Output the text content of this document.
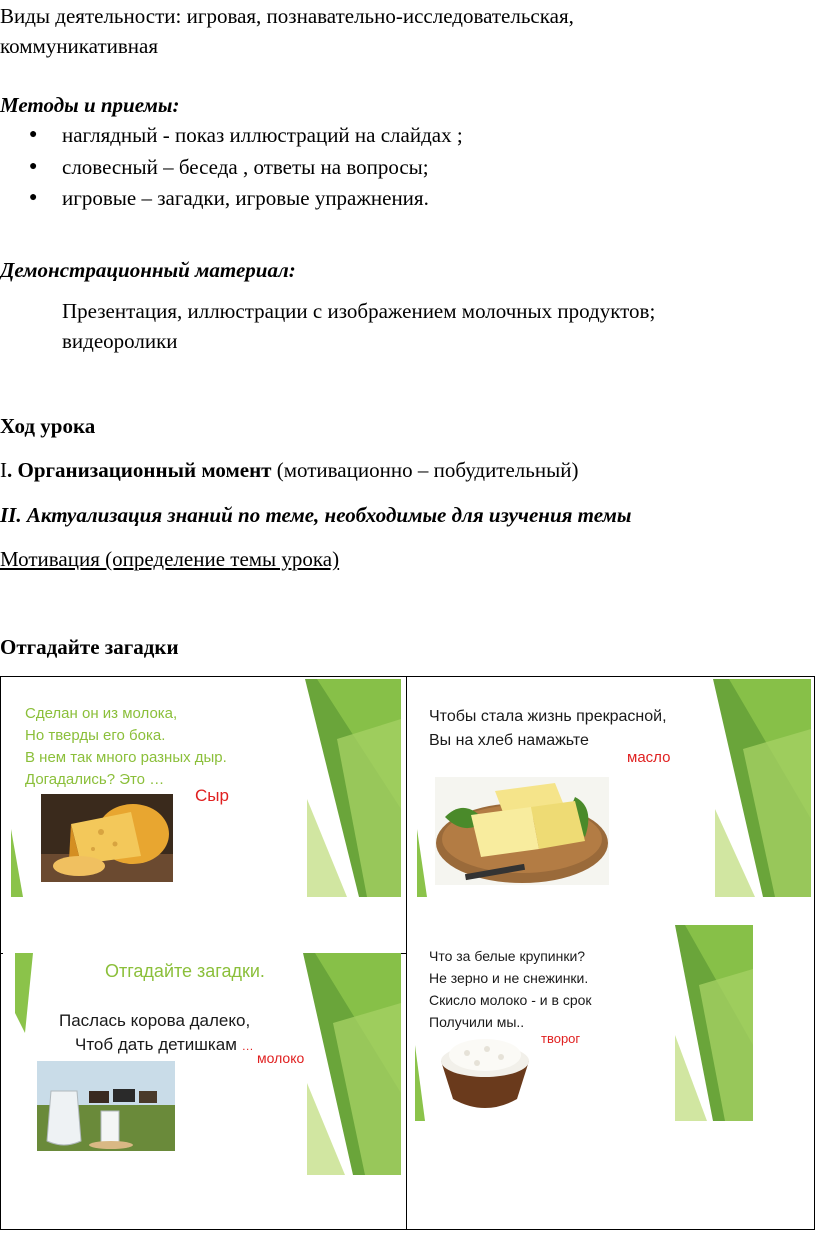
Виды деятельности: игровая, познавательно-исследовательская,
коммуникативная
Методы и приемы:
● наглядный - показ иллюстраций на слайдах ;
● словесный – беседа , ответы на вопросы;
● игровые – загадки, игровые упражнения.
Демонстрационный материал:
Презентация, иллюстрации с изображением молочных продуктов;
видеоролики
Ход урока
I. Организационный момент (мотивационно – побудительный)
II. Актуализация знаний по теме, необходимые для изучения темы
Мотивация (определение темы урока)
Отгадайте загадки
Сделан он из молока,
Но тверды его бока.
В нем так много разных дыр.
Догадались? Это …
Сыр
Чтобы стала жизнь прекрасной,
Вы на хлеб намажьте
масло
Отгадайте загадки.
Паслась корова далеко,
Чтоб дать детишкам …
молоко
Что за белые крупинки?
Не зерно и не снежинки.
Скисло молоко - и в срок
Получили мы..
творог
